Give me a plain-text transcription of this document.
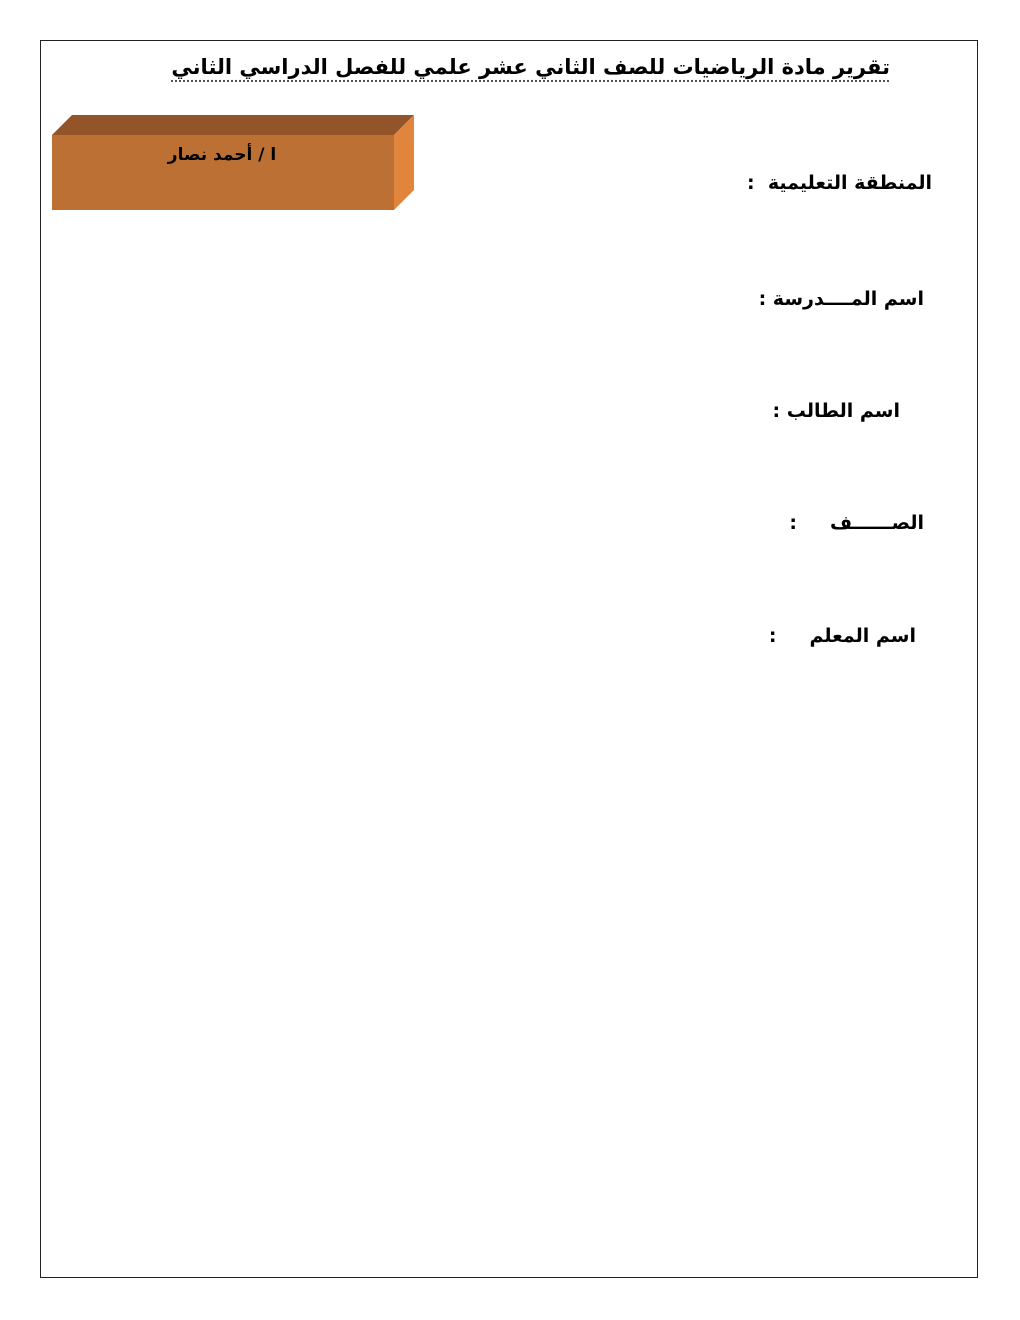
تقرير مادة الرياضيات للصف الثاني عشر علمي للفصل الدراسي الثاني
ا / أحمد نصار
المنطقة التعليمية  :
اسم المــــدرسة :
اسم الطالب :
الصــــــف     :
اسم المعلم     :
